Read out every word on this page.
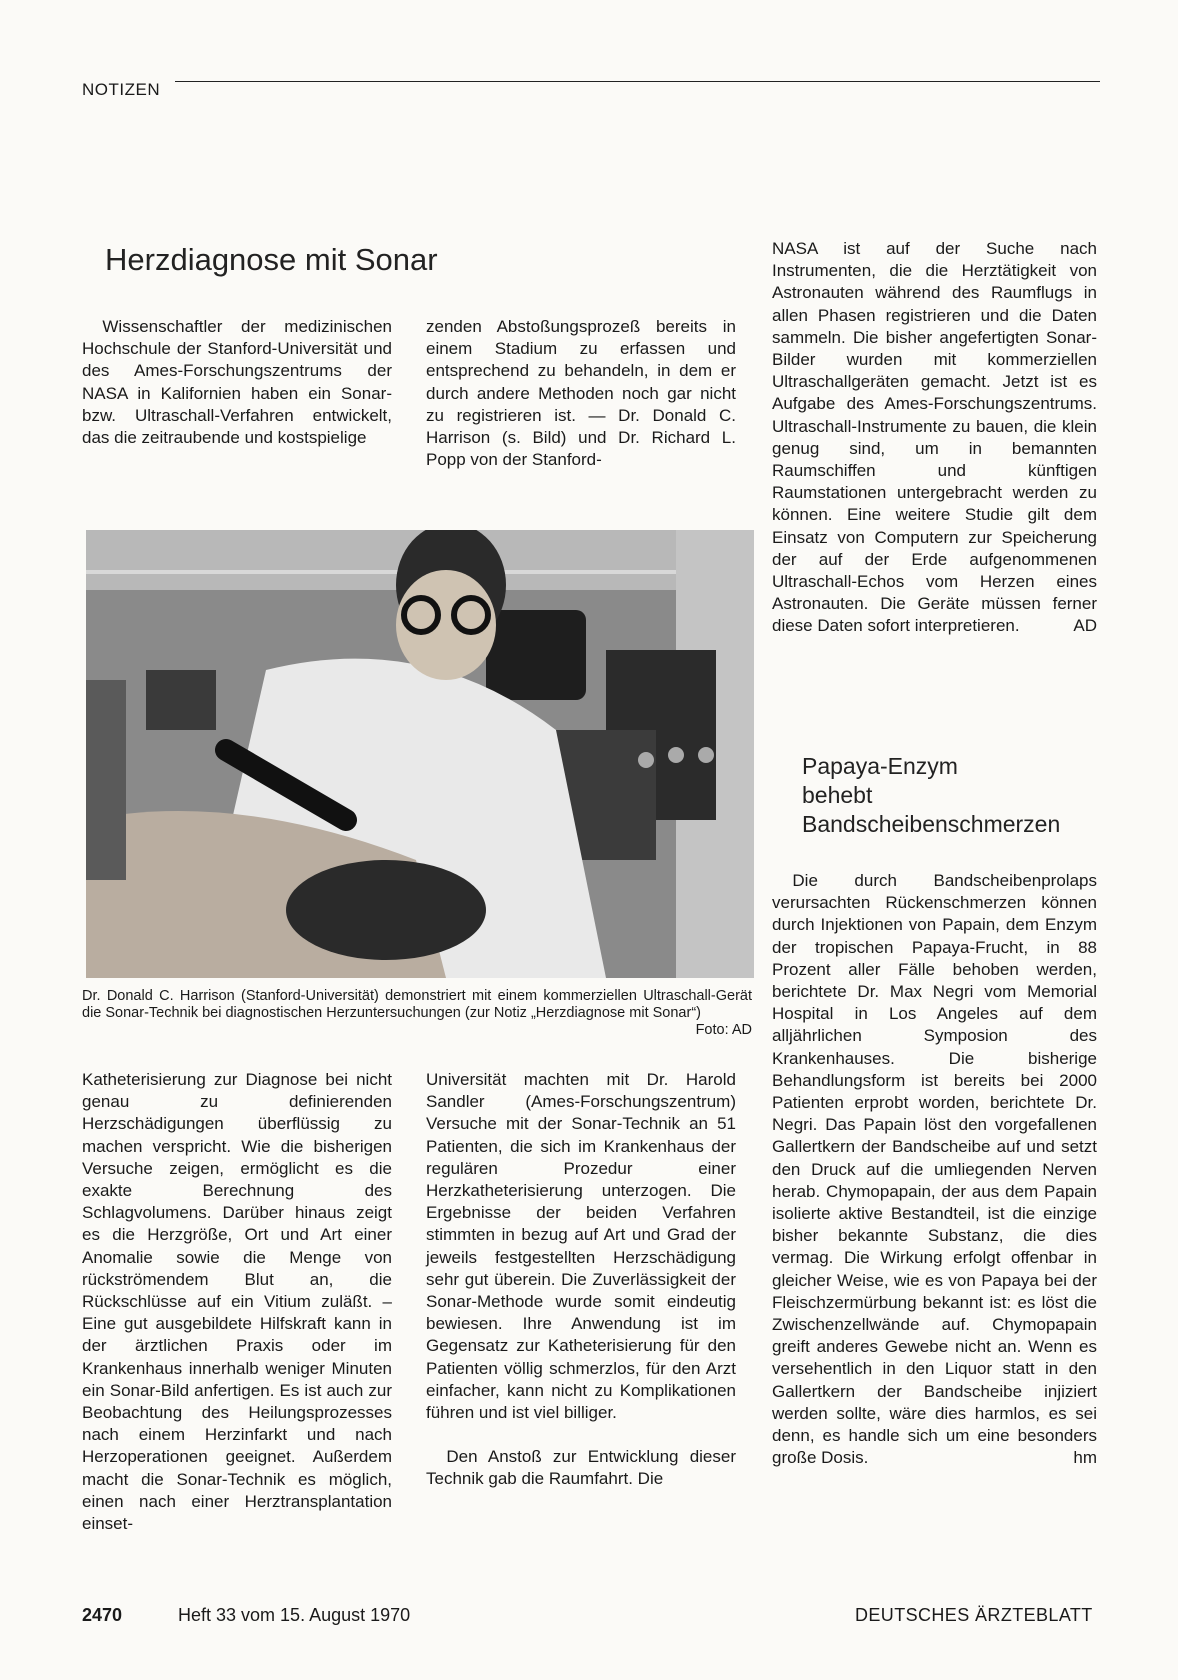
NOTIZEN
Herzdiagnose mit Sonar

Wissenschaftler der medizinischen Hochschule der Stanford-Universität und des Ames-Forschungszentrums der NASA in Kalifornien haben ein Sonar- bzw. Ultraschall-Verfahren entwickelt, das die zeitraubende und kostspielige

zenden Abstoßungsprozeß bereits in einem Stadium zu erfassen und entsprechend zu behandeln, in dem er durch andere Methoden noch gar nicht zu registrieren ist. — Dr. Donald C. Harrison (s. Bild) und Dr. Richard L. Popp von der Stanford-

NASA ist auf der Suche nach Instrumenten, die die Herztätigkeit von Astronauten während des Raumflugs in allen Phasen registrieren und die Daten sammeln. Die bisher angefertigten Sonar-Bilder wurden mit kommerziellen Ultraschallgeräten gemacht. Jetzt ist es Aufgabe des Ames-Forschungszentrums. Ultraschall-Instrumente zu bauen, die klein genug sind, um in bemannten Raumschiffen und künftigen Raumstationen untergebracht werden zu können. Eine weitere Studie gilt dem Einsatz von Computern zur Speicherung der auf der Erde aufgenommenen Ultraschall-Echos vom Herzen eines Astronauten. Die Geräte müssen ferner diese Daten sofort interpretieren.	AD

Dr. Donald C. Harrison (Stanford-Universität) demonstriert mit einem kommerziellen Ultraschall-Gerät die Sonar-Technik bei diagnostischen Herzuntersuchungen (zur Notiz „Herzdiagnose mit Sonar“)
Foto: AD

Katheterisierung zur Diagnose bei nicht genau zu definierenden Herzschädigungen überflüssig zu machen verspricht. Wie die bisherigen Versuche zeigen, ermöglicht es die exakte Berechnung des Schlagvolumens. Darüber hinaus zeigt es die Herzgröße, Ort und Art einer Anomalie sowie die Menge von rückströmendem Blut an, die Rückschlüsse auf ein Vitium zuläßt. – Eine gut ausgebildete Hilfskraft kann in der ärztlichen Praxis oder im Krankenhaus innerhalb weniger Minuten ein Sonar-Bild anfertigen. Es ist auch zur Beobachtung des Heilungsprozesses nach einem Herzinfarkt und nach Herzoperationen geeignet. Außerdem macht die Sonar-Technik es möglich, einen nach einer Herztransplantation einset-

Universität machten mit Dr. Harold Sandler (Ames-Forschungszentrum) Versuche mit der Sonar-Technik an 51 Patienten, die sich im Krankenhaus der regulären Prozedur einer Herzkatheterisierung unterzogen. Die Ergebnisse der beiden Verfahren stimmten in bezug auf Art und Grad der jeweils festgestellten Herzschädigung sehr gut überein. Die Zuverlässigkeit der Sonar-Methode wurde somit eindeutig bewiesen. Ihre Anwendung ist im Gegensatz zur Katheterisierung für den Patienten völlig schmerzlos, für den Arzt einfacher, kann nicht zu Komplikationen führen und ist viel billiger.

Den Anstoß zur Entwicklung dieser Technik gab die Raumfahrt. Die

Papaya-Enzym
behebt
Bandscheibenschmerzen

Die durch Bandscheibenprolaps verursachten Rückenschmerzen können durch Injektionen von Papain, dem Enzym der tropischen Papaya-Frucht, in 88 Prozent aller Fälle behoben werden, berichtete Dr. Max Negri vom Memorial Hospital in Los Angeles auf dem alljährlichen Symposion des Krankenhauses. Die bisherige Behandlungsform ist bereits bei 2000 Patienten erprobt worden, berichtete Dr. Negri. Das Papain löst den vorgefallenen Gallertkern der Bandscheibe auf und setzt den Druck auf die umliegenden Nerven herab. Chymopapain, der aus dem Papain isolierte aktive Bestandteil, ist die einzige bisher bekannte Substanz, die dies vermag. Die Wirkung erfolgt offenbar in gleicher Weise, wie es von Papaya bei der Fleischzermürbung bekannt ist: es löst die Zwischenzellwände auf. Chymopapain greift anderes Gewebe nicht an. Wenn es versehentlich in den Liquor statt in den Gallertkern der Bandscheibe injiziert werden sollte, wäre dies harmlos, es sei denn, es handle sich um eine besonders große Dosis.	hm

2470	Heft 33 vom 15. August 1970	DEUTSCHES ÄRZTEBLATT
